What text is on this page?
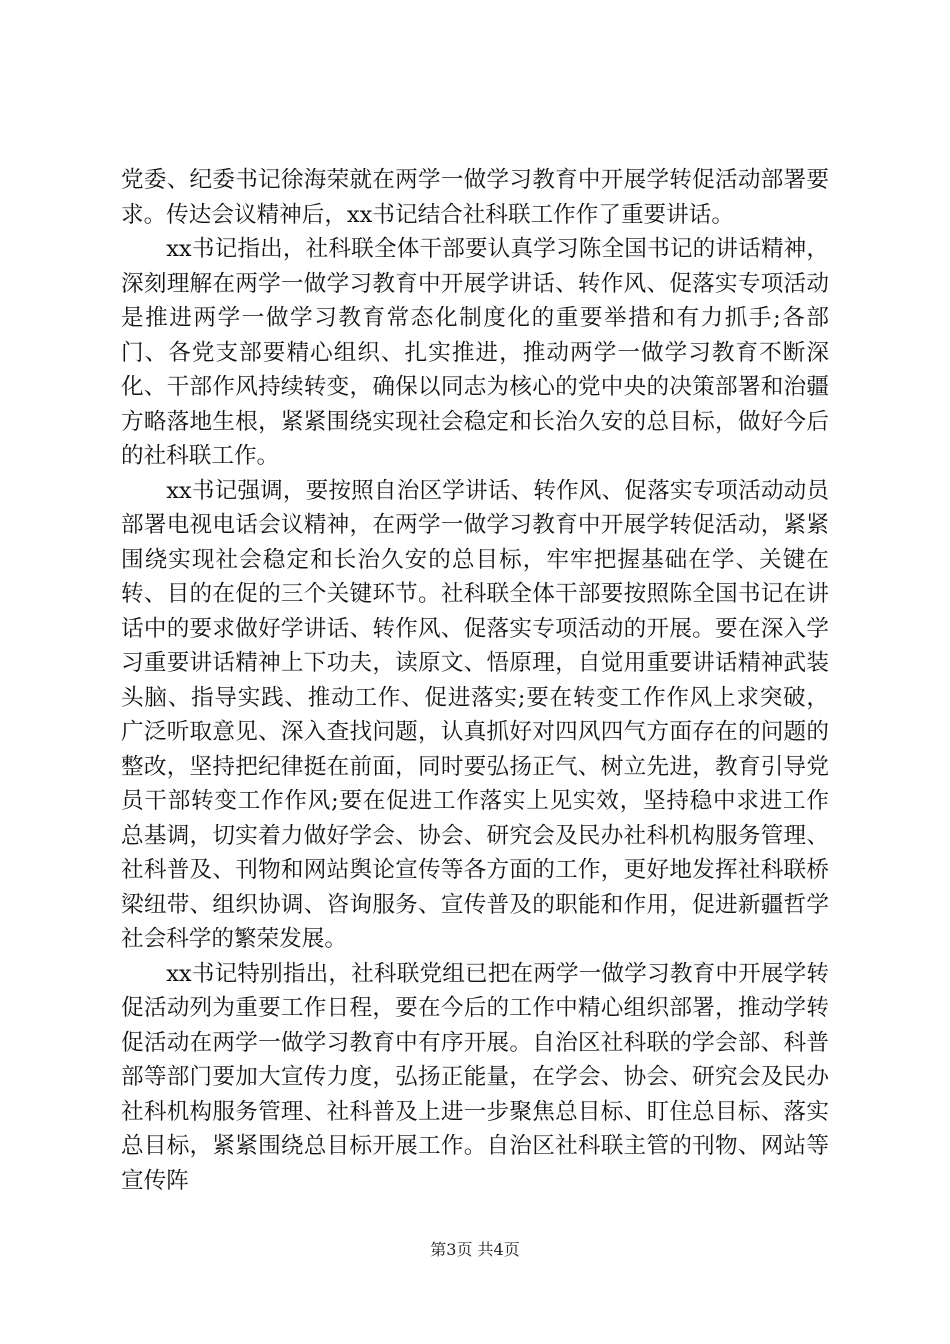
党委、纪委书记徐海荣就在两学一做学习教育中开展学转促活动部署要求。传达会议精神后，xx书记结合社科联工作作了重要讲话。

xx书记指出，社科联全体干部要认真学习陈全国书记的讲话精神，深刻理解在两学一做学习教育中开展学讲话、转作风、促落实专项活动是推进两学一做学习教育常态化制度化的重要举措和有力抓手;各部门、各党支部要精心组织、扎实推进，推动两学一做学习教育不断深化、干部作风持续转变，确保以同志为核心的党中央的决策部署和治疆方略落地生根，紧紧围绕实现社会稳定和长治久安的总目标，做好今后的社科联工作。

xx书记强调，要按照自治区学讲话、转作风、促落实专项活动动员部署电视电话会议精神，在两学一做学习教育中开展学转促活动，紧紧围绕实现社会稳定和长治久安的总目标，牢牢把握基础在学、关键在转、目的在促的三个关键环节。社科联全体干部要按照陈全国书记在讲话中的要求做好学讲话、转作风、促落实专项活动的开展。要在深入学习重要讲话精神上下功夫，读原文、悟原理，自觉用重要讲话精神武装头脑、指导实践、推动工作、促进落实;要在转变工作作风上求突破，广泛听取意见、深入查找问题，认真抓好对四风四气方面存在的问题的整改，坚持把纪律挺在前面，同时要弘扬正气、树立先进，教育引导党员干部转变工作作风;要在促进工作落实上见实效，坚持稳中求进工作总基调，切实着力做好学会、协会、研究会及民办社科机构服务管理、社科普及、刊物和网站舆论宣传等各方面的工作，更好地发挥社科联桥梁纽带、组织协调、咨询服务、宣传普及的职能和作用，促进新疆哲学社会科学的繁荣发展。

xx书记特别指出，社科联党组已把在两学一做学习教育中开展学转促活动列为重要工作日程，要在今后的工作中精心组织部署，推动学转促活动在两学一做学习教育中有序开展。自治区社科联的学会部、科普部等部门要加大宣传力度，弘扬正能量，在学会、协会、研究会及民办社科机构服务管理、社科普及上进一步聚焦总目标、盯住总目标、落实总目标，紧紧围绕总目标开展工作。自治区社科联主管的刊物、网站等宣传阵

第3页 共4页
